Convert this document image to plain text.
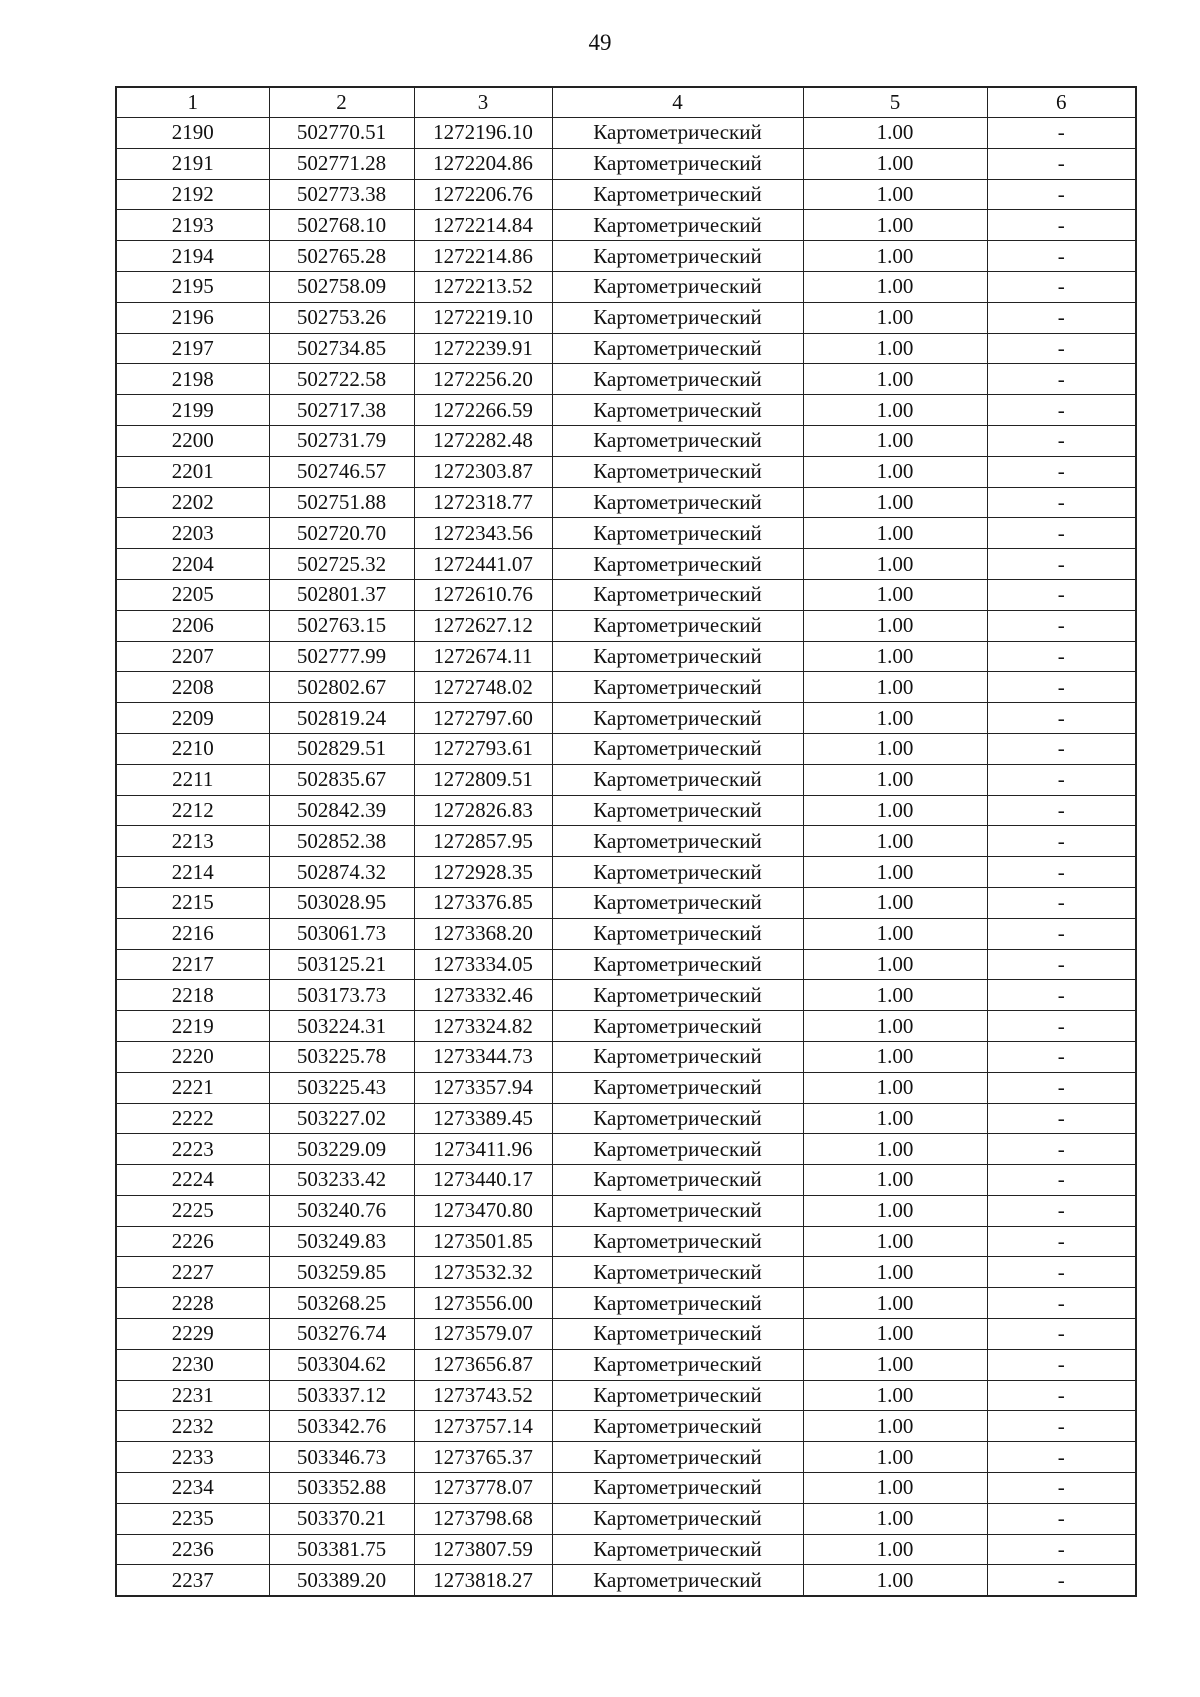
49
1	2	3	4	5	6
2190	502770.51	1272196.10	Картометрический	1.00	-
2191	502771.28	1272204.86	Картометрический	1.00	-
2192	502773.38	1272206.76	Картометрический	1.00	-
2193	502768.10	1272214.84	Картометрический	1.00	-
2194	502765.28	1272214.86	Картометрический	1.00	-
2195	502758.09	1272213.52	Картометрический	1.00	-
2196	502753.26	1272219.10	Картометрический	1.00	-
2197	502734.85	1272239.91	Картометрический	1.00	-
2198	502722.58	1272256.20	Картометрический	1.00	-
2199	502717.38	1272266.59	Картометрический	1.00	-
2200	502731.79	1272282.48	Картометрический	1.00	-
2201	502746.57	1272303.87	Картометрический	1.00	-
2202	502751.88	1272318.77	Картометрический	1.00	-
2203	502720.70	1272343.56	Картометрический	1.00	-
2204	502725.32	1272441.07	Картометрический	1.00	-
2205	502801.37	1272610.76	Картометрический	1.00	-
2206	502763.15	1272627.12	Картометрический	1.00	-
2207	502777.99	1272674.11	Картометрический	1.00	-
2208	502802.67	1272748.02	Картометрический	1.00	-
2209	502819.24	1272797.60	Картометрический	1.00	-
2210	502829.51	1272793.61	Картометрический	1.00	-
2211	502835.67	1272809.51	Картометрический	1.00	-
2212	502842.39	1272826.83	Картометрический	1.00	-
2213	502852.38	1272857.95	Картометрический	1.00	-
2214	502874.32	1272928.35	Картометрический	1.00	-
2215	503028.95	1273376.85	Картометрический	1.00	-
2216	503061.73	1273368.20	Картометрический	1.00	-
2217	503125.21	1273334.05	Картометрический	1.00	-
2218	503173.73	1273332.46	Картометрический	1.00	-
2219	503224.31	1273324.82	Картометрический	1.00	-
2220	503225.78	1273344.73	Картометрический	1.00	-
2221	503225.43	1273357.94	Картометрический	1.00	-
2222	503227.02	1273389.45	Картометрический	1.00	-
2223	503229.09	1273411.96	Картометрический	1.00	-
2224	503233.42	1273440.17	Картометрический	1.00	-
2225	503240.76	1273470.80	Картометрический	1.00	-
2226	503249.83	1273501.85	Картометрический	1.00	-
2227	503259.85	1273532.32	Картометрический	1.00	-
2228	503268.25	1273556.00	Картометрический	1.00	-
2229	503276.74	1273579.07	Картометрический	1.00	-
2230	503304.62	1273656.87	Картометрический	1.00	-
2231	503337.12	1273743.52	Картометрический	1.00	-
2232	503342.76	1273757.14	Картометрический	1.00	-
2233	503346.73	1273765.37	Картометрический	1.00	-
2234	503352.88	1273778.07	Картометрический	1.00	-
2235	503370.21	1273798.68	Картометрический	1.00	-
2236	503381.75	1273807.59	Картометрический	1.00	-
2237	503389.20	1273818.27	Картометрический	1.00	-
